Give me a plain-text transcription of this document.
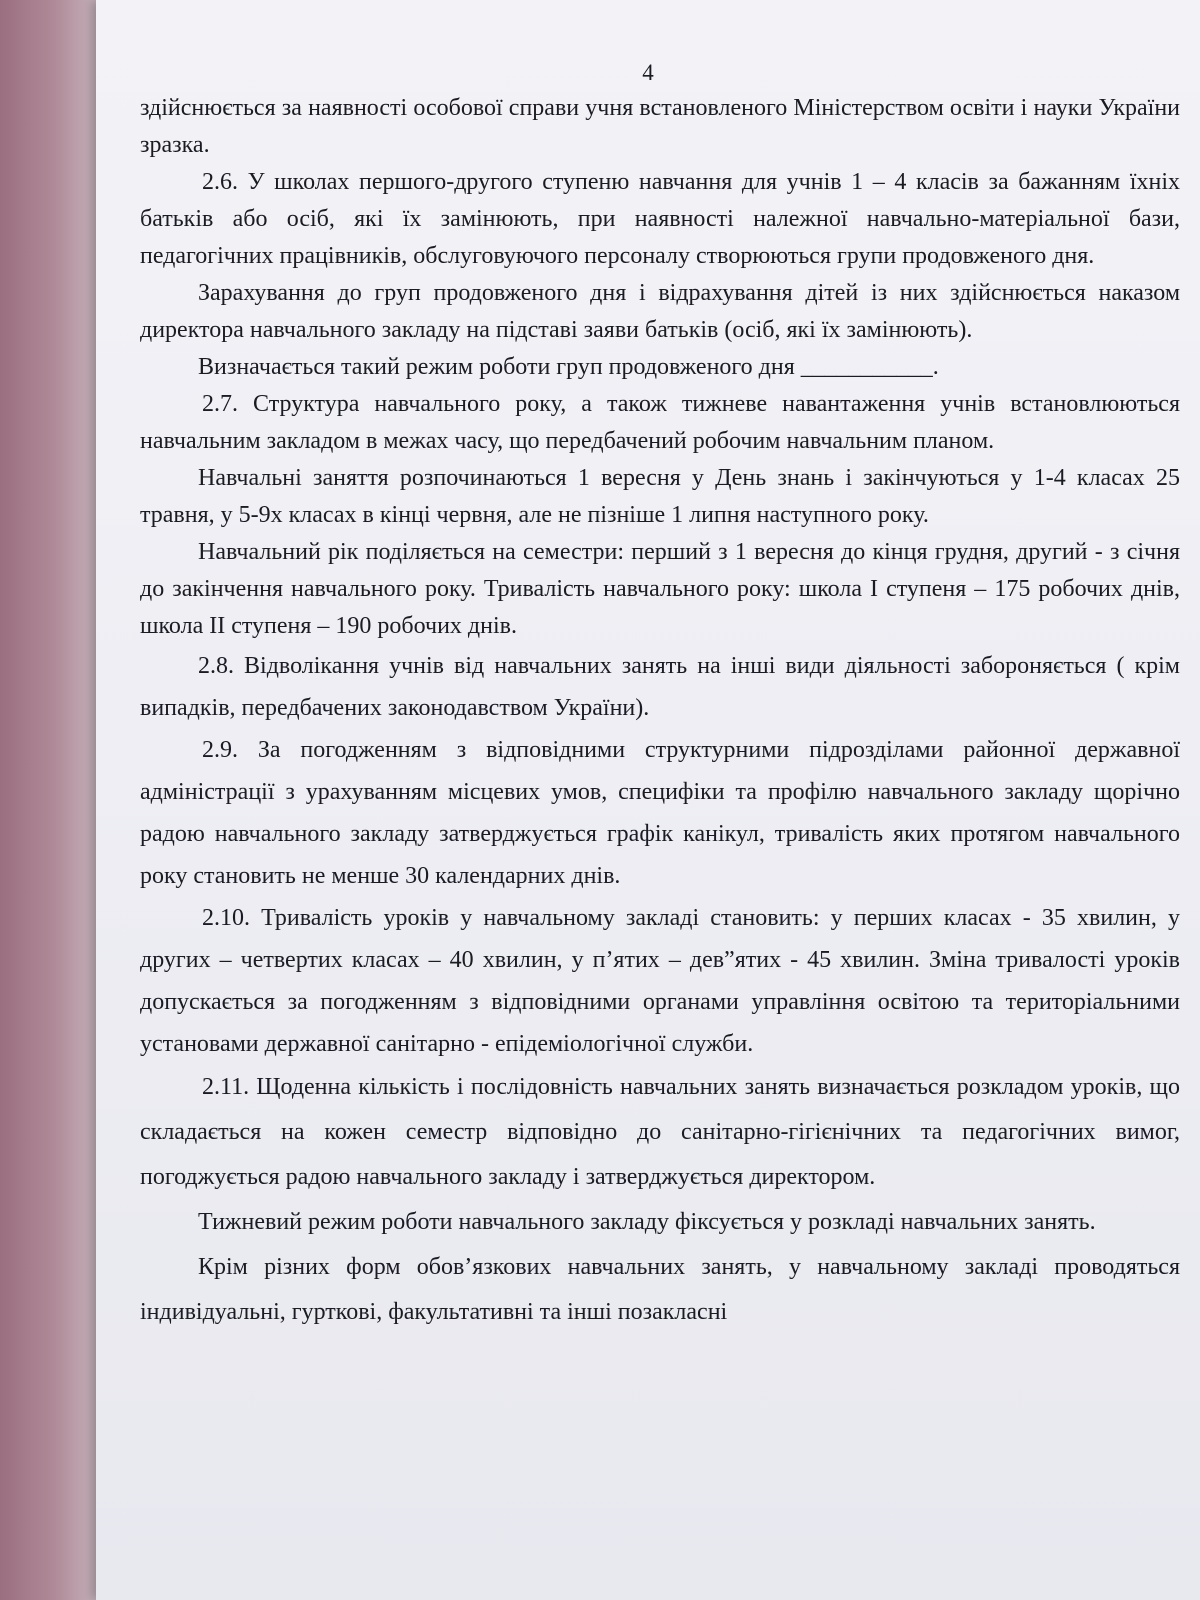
4

здійснюється за наявності особової справи учня встановленого Міністерством освіти і науки України зразка.

2.6. У школах першого-другого ступеню навчання для учнів 1 – 4 класів за бажанням їхніх батьків або осіб, які їх замінюють, при наявності належної навчально-матеріальної бази, педагогічних працівників, обслуговуючого персоналу створюються групи продовженого дня.

Зарахування до груп продовженого дня і відрахування дітей із них здійснюється наказом директора навчального закладу на підставі заяви батьків (осіб, які їх замінюють).

Визначається такий режим роботи груп продовженого дня ___________.

2.7. Структура навчального року, а також тижневе навантаження учнів встановлюються навчальним закладом в межах часу, що передбачений робочим навчальним планом.

Навчальні заняття розпочинаються 1 вересня у День знань і закінчуються у 1-4 класах 25 травня, у 5-9х класах в кінці червня, але не пізніше 1 липня наступного року.

Навчальний рік поділяється на семестри: перший з 1 вересня до кінця грудня, другий - з січня до закінчення навчального року. Тривалість навчального року: школа І ступеня – 175 робочих днів, школа ІІ ступеня – 190 робочих днів.

2.8. Відволікання учнів від навчальних занять на інші види діяльності забороняється ( крім випадків, передбачених законодавством України).

2.9. За погодженням з відповідними структурними підрозділами районної державної адміністрації з урахуванням місцевих умов, специфіки та профілю навчального закладу щорічно радою навчального закладу затверджується графік канікул, тривалість яких протягом навчального року становить не менше 30 календарних днів.

2.10. Тривалість уроків у навчальному закладі становить: у перших класах - 35 хвилин, у других – четвертих класах – 40 хвилин, у п’ятих – дев”ятих - 45 хвилин. Зміна тривалості уроків допускається за погодженням з відповідними органами управління освітою та територіальними установами державної санітарно - епідеміологічної служби.

2.11. Щоденна кількість і послідовність навчальних занять визначається розкладом уроків, що складається на кожен семестр відповідно до санітарно-гігієнічних та педагогічних вимог, погоджується радою навчального закладу і затверджується директором.

Тижневий режим роботи навчального закладу фіксується у розкладі навчальних занять.

Крім різних форм обов’язкових навчальних занять, у навчальному закладі проводяться індивідуальні, гурткові, факультативні та інші позакласні
